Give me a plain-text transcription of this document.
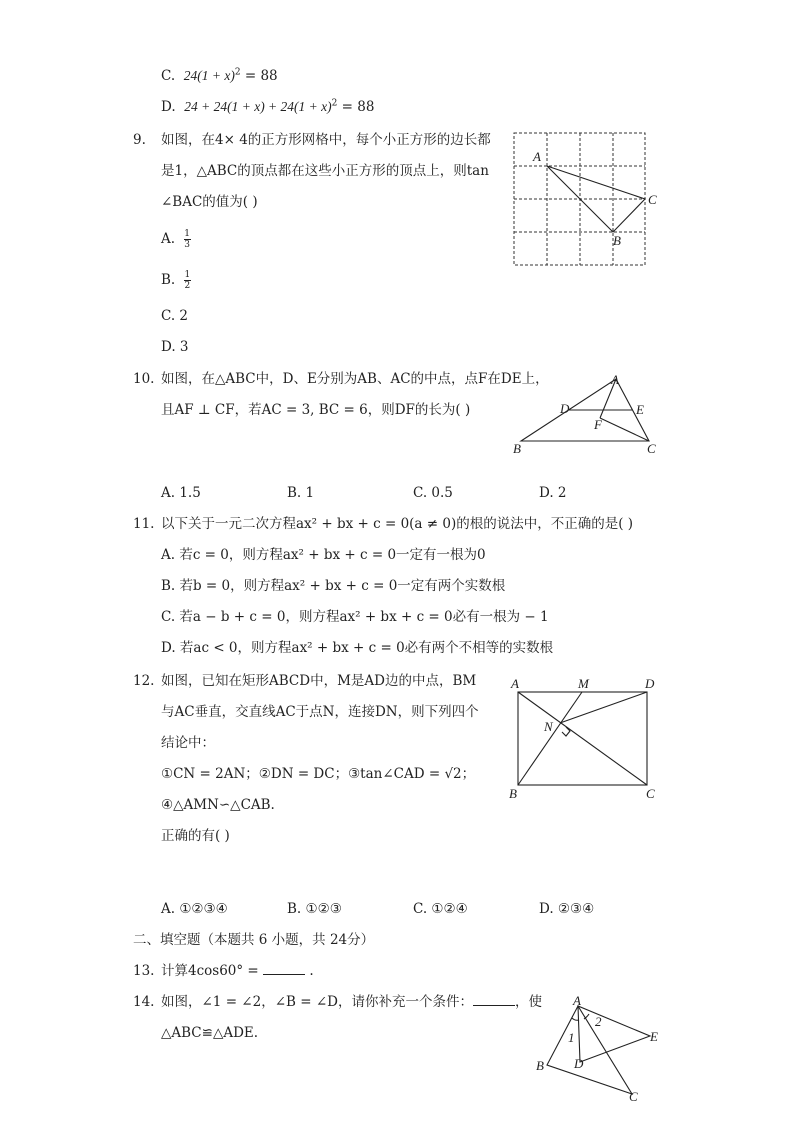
C. $24(1 + x)^2 = 88$
D. $24 + 24(1 + x) + 24(1 + x)^2 = 88$
9. 如图，在4× 4的正方形网格中，每个小正方形的边长都
是1，△ABC的顶点都在这些小正方形的顶点上，则tan
∠BAC的值为( )
A. $\frac{1}{3}$
B. $\frac{1}{2}$
C. 2
D. 3
A
C
B
10. 如图，在△ABC中，D、E分别为AB、AC的中点，点F在DE上，
且AF ⊥ CF，若AC = 3, BC = 6，则DF的长为( )
A
D	E
F
B	C
A. 1.5	B. 1	C. 0.5	D. 2
11. 以下关于一元二次方程ax² + bx + c = 0(a ≠ 0)的根的说法中，不正确的是( )
A. 若c = 0，则方程ax² + bx + c = 0一定有一根为0
B. 若b = 0，则方程ax² + bx + c = 0一定有两个实数根
C. 若a − b + c = 0，则方程ax² + bx + c = 0必有一根为 − 1
D. 若ac < 0，则方程ax² + bx + c = 0必有两个不相等的实数根
12. 如图，已知在矩形ABCD中，M是AD边的中点，BM
与AC垂直，交直线AC于点N，连接DN，则下列四个
结论中：
①CN = 2AN；②DN = DC；③tan∠CAD = √2；
④△AMN∽△CAB.
正确的有( )
A	M	D
N
B	C
A. ①②③④	B. ①②③	C. ①②④	D. ②③④
二、填空题（本题共 6 小题，共 24分）
13. 计算4cos60° =	.
14. 如图，∠1 = ∠2，∠B = ∠D，请你补充一个条件：	，使
△ABC≌△ADE.
A
E
1
2
D
B
C
